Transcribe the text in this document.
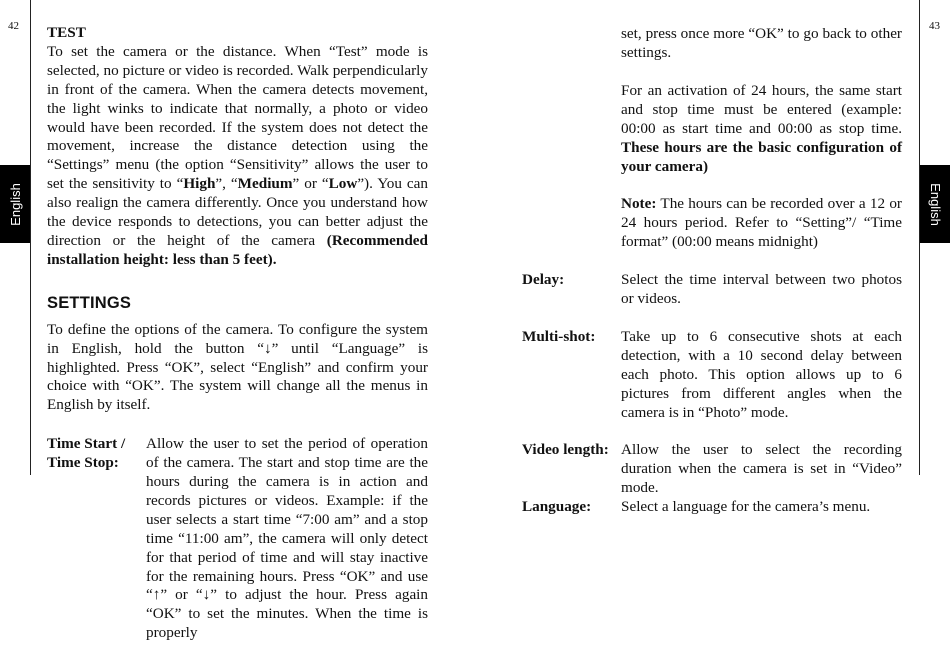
42	43
English	English

TEST

To set the camera or the distance. When “Test” mode is selected, no picture or video is recorded. Walk perpendicularly in front of the camera. When the camera detects movement, the light winks to indicate that normally, a photo or video would have been recorded. If the system does not detect the movement, increase the distance detection using the “Settings” menu (the option “Sensitivity” allows the user to set the sensitivity to “High”, “Medium” or “Low”). You can also realign the camera differently. Once you understand how the device responds to detections, you can better adjust the direction or the height of the camera (Recommended installation height: less than 5 feet).

SETTINGS

To define the options of the camera. To configure the system in English, hold the button “↓” until “Language” is highlighted. Press “OK”, select “English” and confirm your choice with “OK”. The system will change all the menus in English by itself.

Time Start /
Time Stop:
Allow the user to set the period of operation of the camera. The start and stop time are the hours during the camera is in action and records pictures or videos. Example: if the user selects a start time “7:00 am” and a stop time “11:00 am”, the camera will only detect for that period of time and will stay inactive for the remaining hours. Press “OK” and use “↑” or “↓” to adjust the hour. Press again “OK” to set the minutes. When the time is properly

set, press once more “OK” to go back to other settings.

For an activation of 24 hours, the same start and stop time must be entered (example: 00:00 as start time and 00:00 as stop time. These hours are the basic configuration of your camera)

Note: The hours can be recorded over a 12 or 24 hours period. Refer to “Setting”/ “Time format” (00:00 means midnight)

Delay:	Select the time interval between two photos or videos.

Multi-shot: Take up to 6 consecutive shots at each detection, with a 10 second delay between each photo. This option allows up to 6 pictures from different angles when the camera is in “Photo” mode.

Video length: Allow the user to select the recording duration when the camera is set in “Video” mode.

Language: Select a language for the camera’s menu.
